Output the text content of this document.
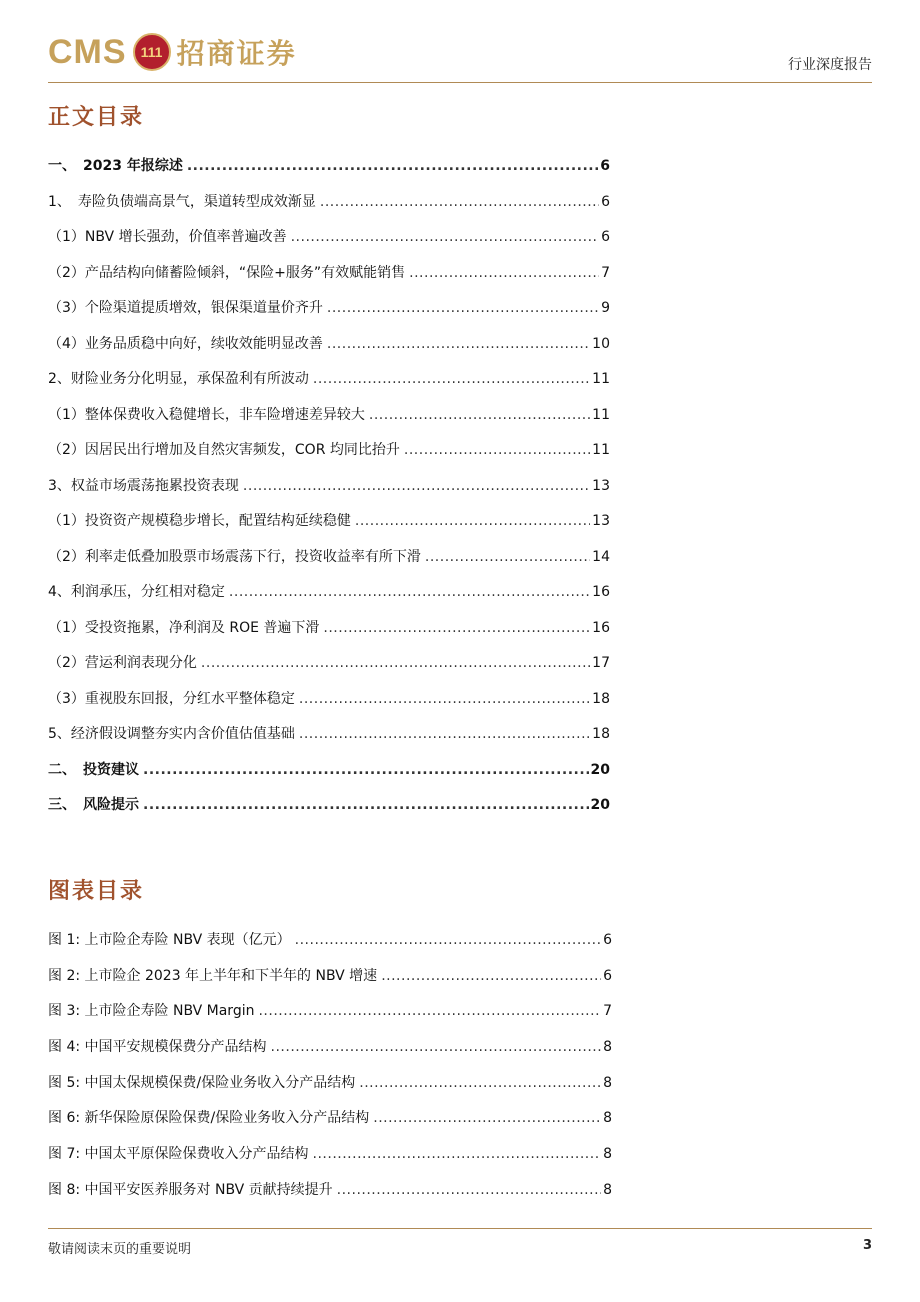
CMS	111 招商证券	行业深度报告
正文目录
一、　2023 年报综述 .....	6
1、　寿险负债端高景气，渠道转型成效渐显 .....	6
（1）NBV 增长强劲，价值率普遍改善 .....	6
（2）产品结构向储蓄险倾斜，“保险+服务”有效赋能销售 .....	7
（3）个险渠道提质增效，银保渠道量价齐升 .....	9
（4）业务品质稳中向好，续收效能明显改善 .....	10
2、财险业务分化明显，承保盈利有所波动 .....	11
（1）整体保费收入稳健增长，非车险增速差异较大 .....	11
（2）因居民出行增加及自然灾害频发，COR 均同比抬升 .....	11
3、权益市场震荡拖累投资表现 .....	13
（1）投资资产规模稳步增长，配置结构延续稳健 .....	13
（2）利率走低叠加股票市场震荡下行，投资收益率有所下滑 .....	14
4、利润承压，分红相对稳定 .....	16
（1）受投资拖累，净利润及 ROE 普遍下滑 .....	16
（2）营运利润表现分化 .....	17
（3）重视股东回报，分红水平整体稳定 .....	18
5、经济假设调整夯实内含价值估值基础 .....	18
二、　投资建议 .....	20
三、　风险提示 .....	20
图表目录
图 1: 上市险企寿险 NBV 表现（亿元） .....	6
图 2: 上市险企 2023 年上半年和下半年的 NBV 增速 .....	6
图 3: 上市险企寿险 NBV Margin .....	7
图 4: 中国平安规模保费分产品结构 .....	8
图 5: 中国太保规模保费/保险业务收入分产品结构 .....	8
图 6: 新华保险原保险保费/保险业务收入分产品结构 .....	8
图 7: 中国太平原保险保费收入分产品结构 .....	8
图 8: 中国平安医养服务对 NBV 贡献持续提升 .....	8
敬请阅读末页的重要说明	3
